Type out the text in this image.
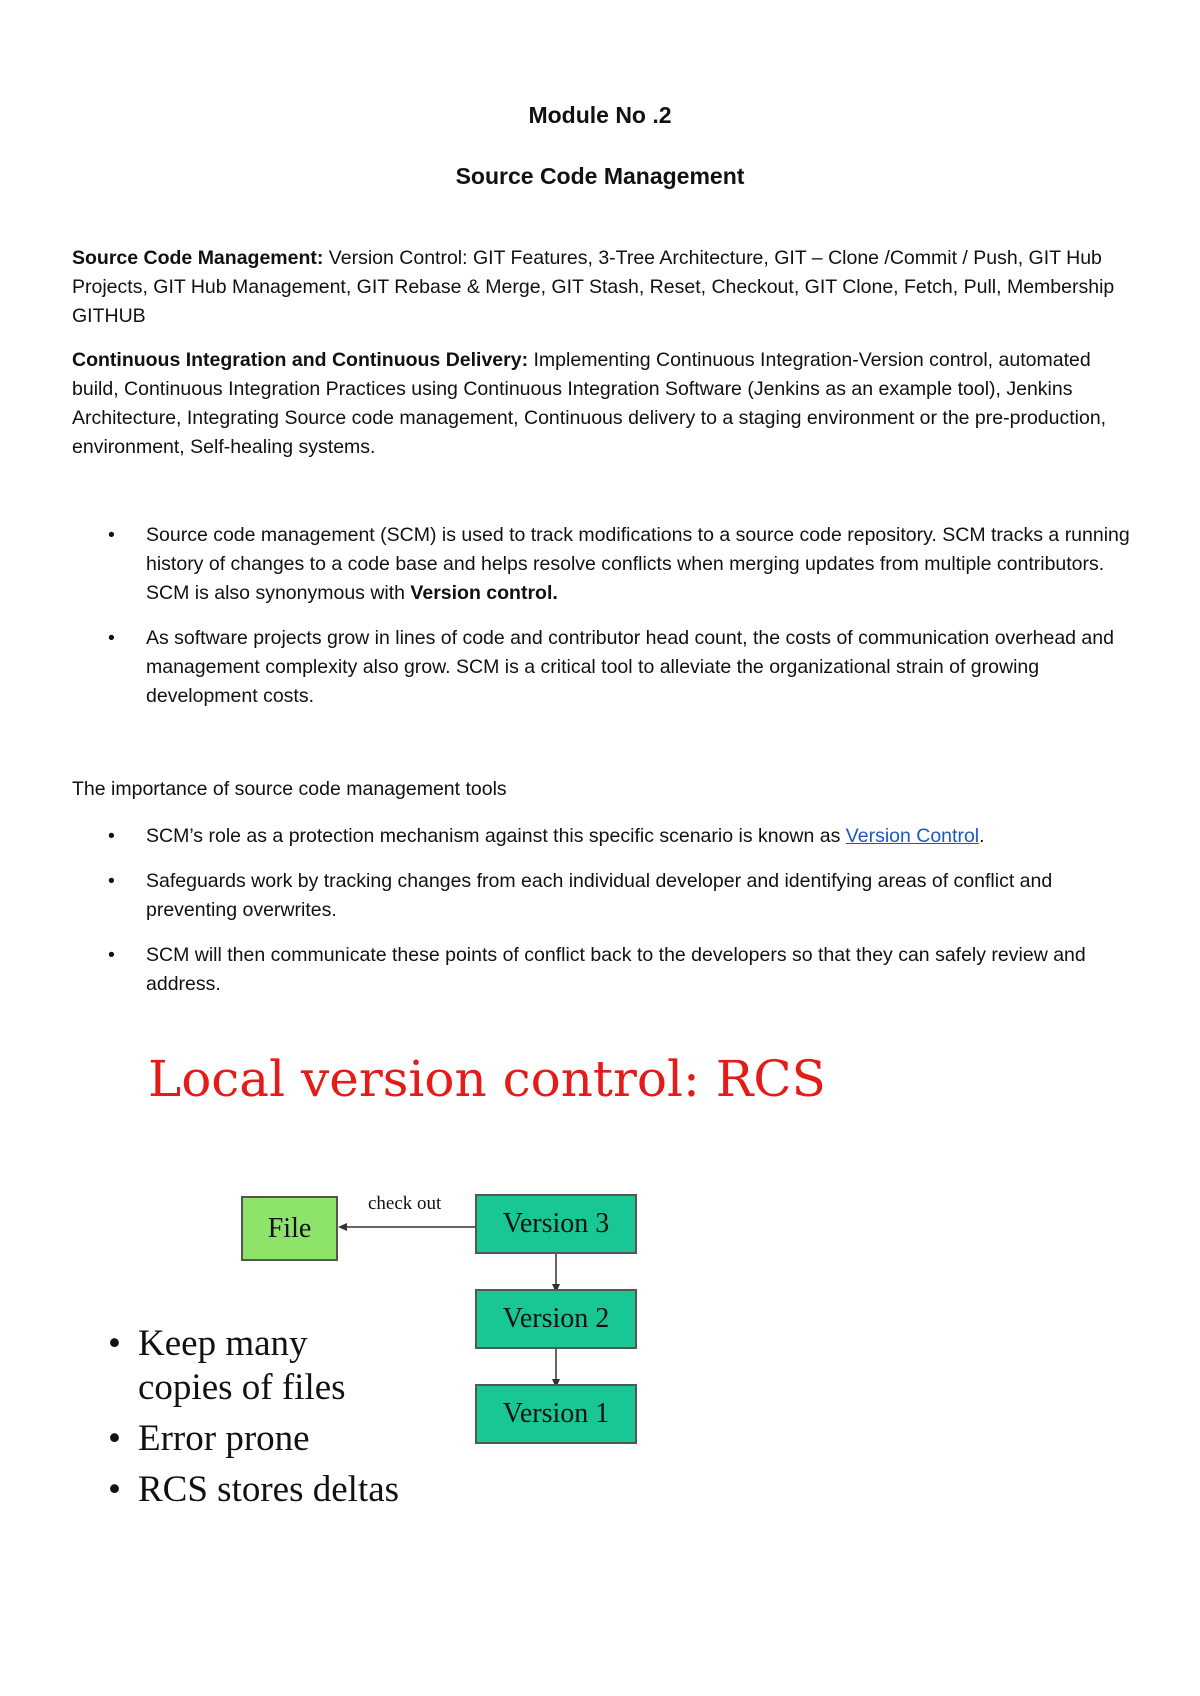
Module No .2
Source Code Management
Source Code Management: Version Control: GIT Features, 3-Tree Architecture, GIT – Clone /Commit / Push, GIT Hub Projects, GIT Hub Management, GIT Rebase & Merge, GIT Stash, Reset, Checkout, GIT Clone, Fetch, Pull, Membership GITHUB
Continuous Integration and Continuous Delivery: Implementing Continuous Integration-Version control, automated build, Continuous Integration Practices using Continuous Integration Software (Jenkins as an example tool), Jenkins Architecture, Integrating Source code management, Continuous delivery to a staging environment or the pre-production, environment, Self-healing systems.
• Source code management (SCM) is used to track modifications to a source code repository. SCM tracks a running history of changes to a code base and helps resolve conflicts when merging updates from multiple contributors. SCM is also synonymous with Version control.
• As software projects grow in lines of code and contributor head count, the costs of communication overhead and management complexity also grow. SCM is a critical tool to alleviate the organizational strain of growing development costs.
The importance of source code management tools
• SCM’s role as a protection mechanism against this specific scenario is known as Version Control.
• Safeguards work by tracking changes from each individual developer and identifying areas of conflict and preventing overwrites.
• SCM will then communicate these points of conflict back to the developers so that they can safely review and address.
Local version control: RCS
check out
File	Version 3
Version 2
Version 1
• Keep many copies of files
• Error prone
• RCS stores deltas
